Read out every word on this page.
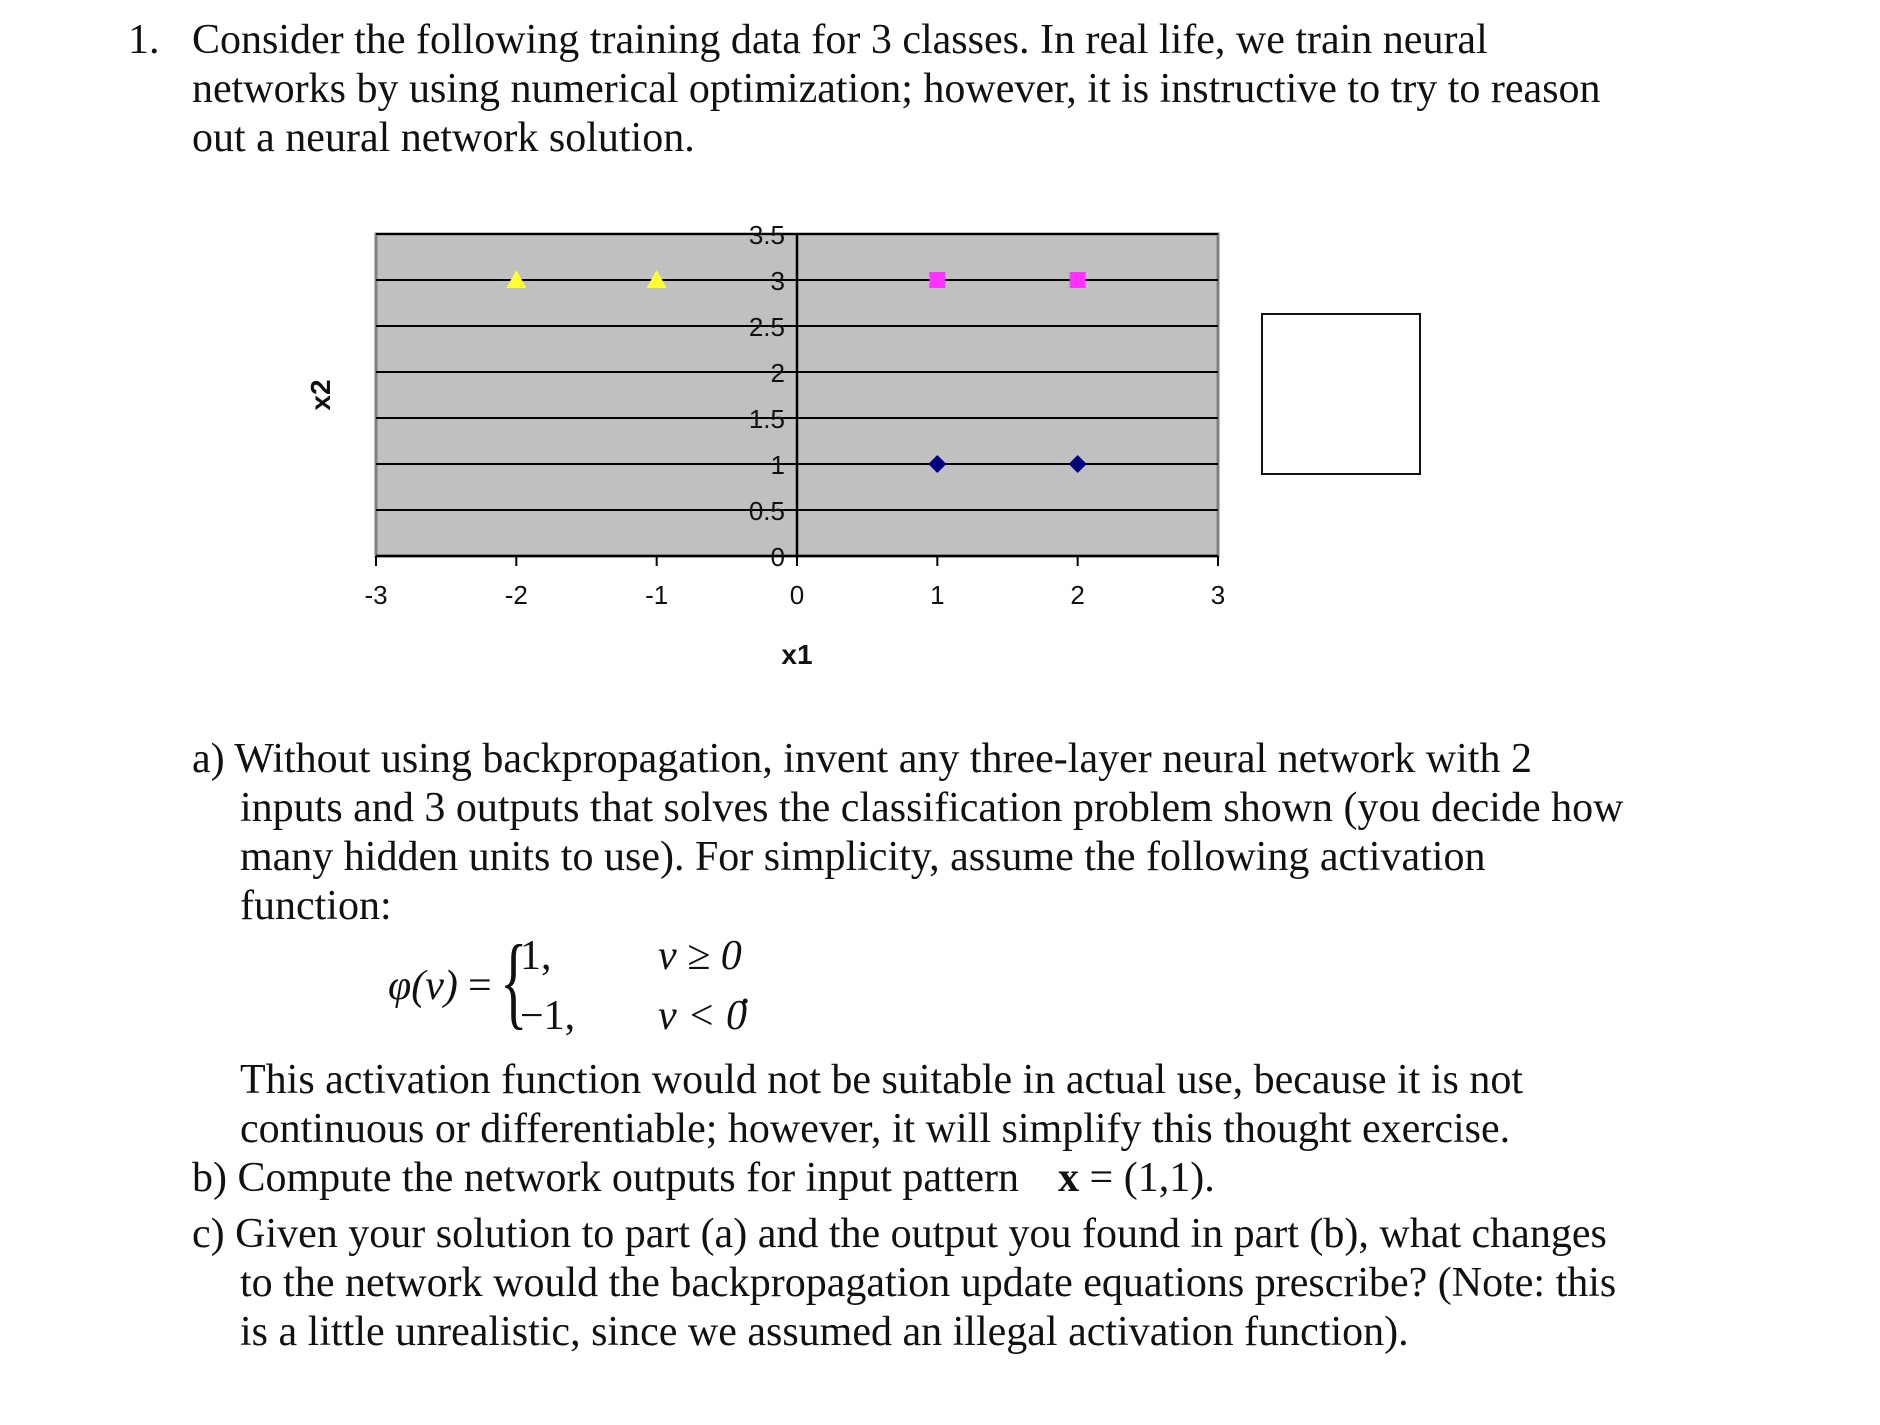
1. Consider the following training data for 3 classes. In real life, we train neural
networks by using numerical optimization; however, it is instructive to try to reason
out a neural network solution.
-3	-2	-1	0	1	2	3
0
0.5
1
1.5
2
2.5
3
3.5
x1
x2
a) Without using backpropagation, invent any three-layer neural network with 2
inputs and 3 outputs that solves the classification problem shown (you decide how
many hidden units to use). For simplicity, assume the following activation
function:
φ(v) = {
1,	v ≥ 0
−1, v < 0
.
This activation function would not be suitable in actual use, because it is not
continuous or differentiable; however, it will simplify this thought exercise.
b) Compute the network outputs for input pattern x = (1,1).
c) Given your solution to part (a) and the output you found in part (b), what changes
to the network would the backpropagation update equations prescribe? (Note: this
is a little unrealistic, since we assumed an illegal activation function).
